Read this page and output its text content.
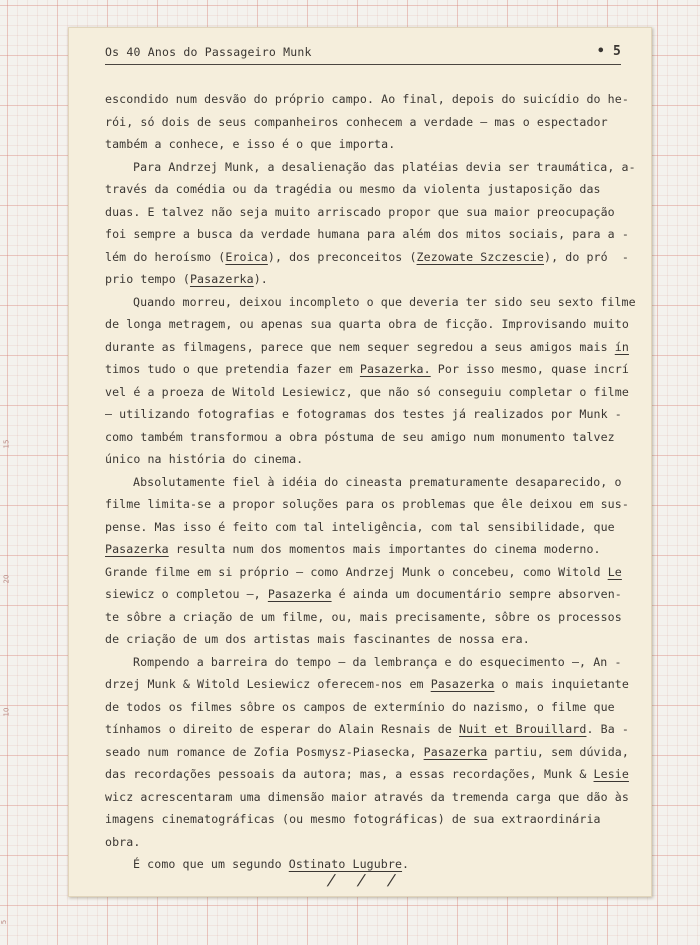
20
15
10
5
Os 40 Anos do Passageiro Munk	• 5
escondido num desvão do próprio campo. Ao final, depois do suicídio do he-
rói, só dois de seus companheiros conhecem a verdade — mas o espectador
também a conhece, e isso é o que importa.
Para Andrzej Munk, a desalienação das platéias devia ser traumática, a-
través da comédia ou da tragédia ou mesmo da violenta justaposição das
duas. E talvez não seja muito arriscado propor que sua maior preocupação
foi sempre a busca da verdade humana para além dos mitos sociais, para a -
lém do heroísmo (Eroica), dos preconceitos (Zezowate Szczescie), do pró  -
prio tempo (Pasazerka).
Quando morreu, deixou incompleto o que deveria ter sido seu sexto filme
de longa metragem, ou apenas sua quarta obra de ficção. Improvisando muito
durante as filmagens, parece que nem sequer segredou a seus amigos mais ín
timos tudo o que pretendia fazer em Pasazerka. Por isso mesmo, quase incrí
vel é a proeza de Witold Lesiewicz, que não só conseguiu completar o filme
— utilizando fotografias e fotogramas dos testes já realizados por Munk -
como também transformou a obra póstuma de seu amigo num monumento talvez
único na história do cinema.
Absolutamente fiel à idéia do cineasta prematuramente desaparecido, o
filme limita-se a propor soluções para os problemas que êle deixou em sus-
pense. Mas isso é feito com tal inteligência, com tal sensibilidade, que
Pasazerka resulta num dos momentos mais importantes do cinema moderno.
Grande filme em si próprio — como Andrzej Munk o concebeu, como Witold Le
siewicz o completou —, Pasazerka é ainda um documentário sempre absorven-
te sôbre a criação de um filme, ou, mais precisamente, sôbre os processos
de criação de um dos artistas mais fascinantes de nossa era.
Rompendo a barreira do tempo — da lembrança e do esquecimento —, An -
drzej Munk & Witold Lesiewicz oferecem-nos em Pasazerka o mais inquietante
de todos os filmes sôbre os campos de extermínio do nazismo, o filme que
tínhamos o direito de esperar do Alain Resnais de Nuit et Brouillard. Ba -
seado num romance de Zofia Posmysz-Piasecka, Pasazerka partiu, sem dúvida,
das recordações pessoais da autora; mas, a essas recordações, Munk & Lesie
wicz acrescentaram uma dimensão maior através da tremenda carga que dão às
imagens cinematográficas (ou mesmo fotográficas) de sua extraordinária
obra.
É como que um segundo Ostinato Lugubre.
/ / /
